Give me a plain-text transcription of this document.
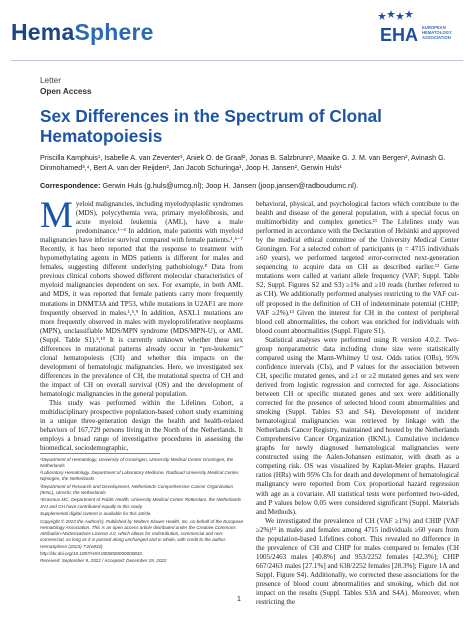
HemaSphere	EHA EUROPEAN HEMATOLOGY ASSOCIATION
Letter
Open Access
Sex Differences in the Spectrum of Clonal Hematopoiesis
Priscilla Kamphuis¹, Isabelle A. van Zeventer¹, Aniek O. de Graaf², Jonas B. Salzbrunn¹, Maaike G. J. M. van Bergen², Avinash G. Dinmohamed³,⁴, Bert A. van der Reijden², Jan Jacob Schuringa¹, Joop H. Jansen², Gerwin Huls¹
Correspondence: Gerwin Huls (g.huls@umcg.nl); Joop H. Jansen (joop.jansen@radboudumc.nl).
M yeloid malignancies, including myelodysplastic syndromes (MDS), polycythemia vera, primary myelofibrosis, and acute myeloid leukemia (AML), have a male predominance.¹⁻⁴ In addition, male patients with myeloid malignancies have inferior survival compared with female patients.¹,⁴⁻⁷ Recently, it has been reported that the response to treatment with hypomethylating agents in MDS patients is different for males and females, suggesting different underlying pathobiology.⁸ Data from previous clinical cohorts showed different molecular characteristics of myeloid malignancies dependent on sex. For example, in both AML and MDS, it was reported that female patients carry more frequently mutations in DNMT3A and TP53, while mutations in U2AF1 are more frequently observed in males.¹,⁵,⁹ In addition, ASXL1 mutations are more frequently observed in males with myeloproliferative neoplasms (MPN), unclassifiable MDS/MPN syndrome (MDS/MPN-U), or AML (Suppl. Table S1).⁵,¹⁰ It is currently unknown whether these sex differences in mutational patterns already occur in “pre-leukemic” clonal hematopoiesis (CH) and whether this impacts on the development of hematologic malignancies. Here, we investigated sex differences in the prevalence of CH, the mutational spectra of CH and the impact of CH on overall survival (OS) and the development of hematologic malignancies in the general population.

This study was performed within the Lifelines Cohort, a multidisciplinary prospective population-based cohort study examining in a unique three-generation design the health and health-related behaviors of 167,729 persons living in the North of the Netherlands. It employs a broad range of investigative procedures in assessing the biomedical, sociodemographic,

behavioral, physical, and psychological factors which contribute to the health and disease of the general population, with a special focus on multimorbidity and complex genetics.¹¹ The Lifelines study was performed in accordance with the Declaration of Helsinki and approved by the medical ethical committee of the University Medical Center Groningen. For a selected cohort of participants (n = 4715 individuals ≥60 years), we performed targeted error-corrected next-generation sequencing to acquire data on CH as described earlier.¹² Gene mutations were called at variant allele frequency (VAF; Suppl. Table S2, Suppl. Figures S2 and S3) ≥1% and ≥10 reads (further referred to as CH). We additionally performed analyses restricting to the VAF cut-off proposed in the definition of CH of indeterminate potential (CHIP; VAF ≥2%).¹³ Given the interest for CH in the context of peripheral blood cell abnormalities, the cohort was enriched for individuals with blood count abnormalities (Suppl. Figure S1).

Statistical analyses were performed using R version 4.0.2. Two-group nonparametric data including clone size were statistically compared using the Mann-Whitney U test. Odds ratios (ORs), 95% confidence intervals (CIs), and P values for the association between CH, specific mutated genes, and ≥1 or ≥2 mutated genes and sex were derived from logistic regression and corrected for age. Associations between CH or specific mutated genes and sex were additionally corrected for the presence of selected blood count abnormalities and smoking (Suppl. Tables S3 and S4). Development of incident hematological malignancies was retrieved by linkage with the Netherlands Cancer Registry, maintained and hosted by the Netherlands Comprehensive Cancer Organization (IKNL). Cumulative incidence graphs for newly diagnosed hematological malignancies were constructed using the Aalen-Johansen estimator, with death as a competing risk. OS was visualized by Kaplan-Meier graphs. Hazard ratios (HRs) with 95% CIs for death and development of hematological malignancy were reported from Cox proportional hazard regression with age as a covariate. All statistical tests were performed two-sided, and P values below 0.05 were considered significant (Suppl. Materials and Methods).

We investigated the prevalence of CH (VAF ≥1%) and CHIP (VAF ≥2%)¹³ in males and females among 4715 individuals ≥60 years from the population-based Lifelines cohort. This revealed no difference in the prevalence of CH and CHIP for males compared to females (CH 1005/2463 males [40.8%] and 953/2252 females [42.3%]; CHIP 667/2463 males [27.1%] and 638/2252 females [28.3%]; Figure 1A and Suppl. Figure S4). Additionally, we corrected these associations for the presence of blood count abnormalities and smoking, which did not impact on the results (Suppl. Tables S3A and S4A). Moreover, when restricting the

¹Department of Hematology, University of Groningen, University Medical Center Groningen, the Netherlands
²Laboratory Hematology, Department of Laboratory Medicine, Radboud University Medical Center, Nijmegen, the Netherlands
³Department of Research and Development, Netherlands Comprehensive Cancer Organization (IKNL), Utrecht, the Netherlands
⁴Erasmus MC, Department of Public Health, University Medical Center Rotterdam, the Netherlands
JHJ and GH have contributed equally to this study.
Supplemental digital content is available for this article.
Copyright © 2023 the Author(s). Published by Wolters Kluwer Health, Inc. on behalf of the European Hematology Association. This is an open access article distributed under the Creative Commons Attribution-NoDerivatives License 4.0, which allows for redistribution, commercial and non-commercial, as long as it is passed along unchanged and in whole, with credit to the author.
HemaSphere (2023) 7:2(e832).
http://dx.doi.org/10.1097/HS9.0000000000000832.
Received: September 9, 2022 / Accepted: December 19, 2022
1
